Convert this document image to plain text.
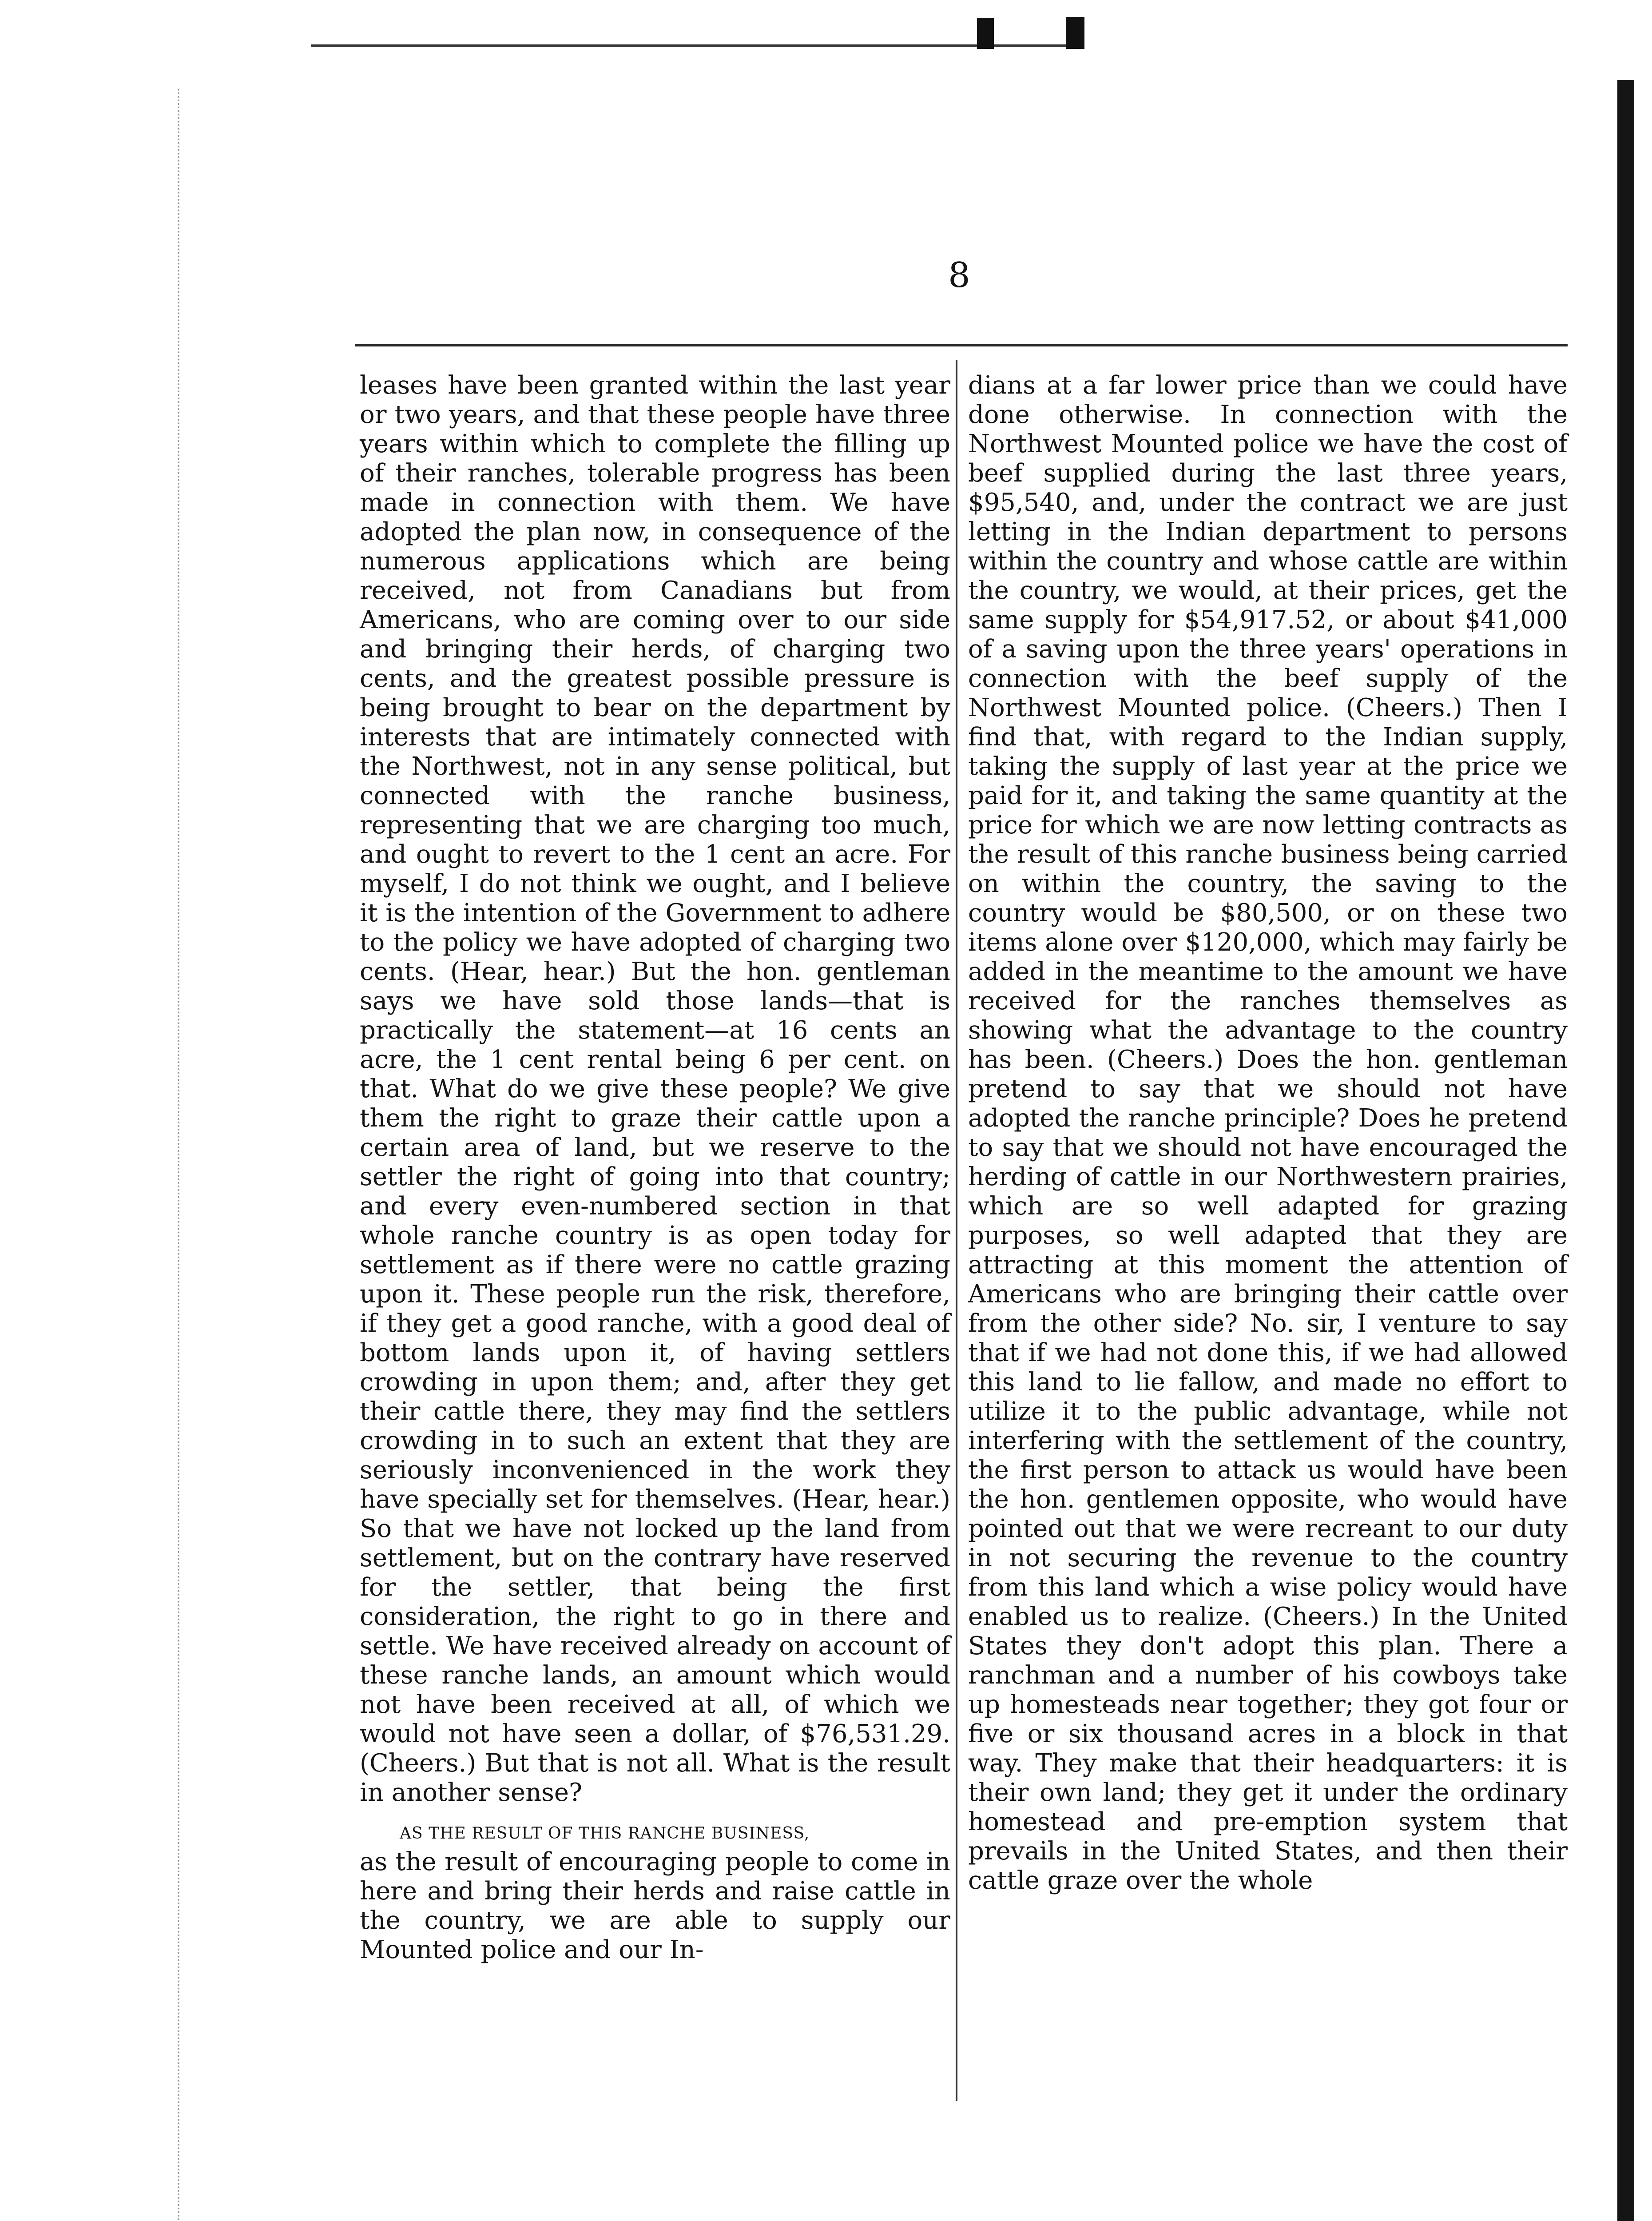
8

leases have been granted within the last year or two years, and that these people have three years within which to complete the filling up of their ranches, tolerable progress has been made in connection with them. We have adopted the plan now, in consequence of the numerous applications which are being received, not from Canadians but from Americans, who are coming over to our side and bringing their herds, of charging two cents, and the greatest possible pressure is being brought to bear on the department by interests that are intimately connected with the Northwest, not in any sense political, but connected with the ranche business, representing that we are charging too much, and ought to revert to the 1 cent an acre. For myself, I do not think we ought, and I believe it is the intention of the Government to adhere to the policy we have adopted of charging two cents. (Hear, hear.) But the hon. gentleman says we have sold those lands—that is practically the statement—at 16 cents an acre, the 1 cent rental being 6 per cent. on that. What do we give these people? We give them the right to graze their cattle upon a certain area of land, but we reserve to the settler the right of going into that country; and every even-numbered section in that whole ranche country is as open today for settlement as if there were no cattle grazing upon it. These people run the risk, therefore, if they get a good ranche, with a good deal of bottom lands upon it, of having settlers crowding in upon them; and, after they get their cattle there, they may find the settlers crowding in to such an extent that they are seriously inconvenienced in the work they have specially set for themselves. (Hear, hear.) So that we have not locked up the land from settlement, but on the contrary have reserved for the settler, that being the first consideration, the right to go in there and settle. We have received already on account of these ranche lands, an amount which would not have been received at all, of which we would not have seen a dollar, of $76,531.29. (Cheers.) But that is not all. What is the result in another sense?

AS THE RESULT OF THIS RANCHE BUSINESS,

as the result of encouraging people to come in here and bring their herds and raise cattle in the country, we are able to supply our Mounted police and our In-

dians at a far lower price than we could have done otherwise. In connection with the Northwest Mounted police we have the cost of beef supplied during the last three years, $95,540, and, under the contract we are just letting in the Indian department to persons within the country and whose cattle are within the country, we would, at their prices, get the same supply for $54,917.52, or about $41,000 of a saving upon the three years' operations in connection with the beef supply of the Northwest Mounted police. (Cheers.) Then I find that, with regard to the Indian supply, taking the supply of last year at the price we paid for it, and taking the same quantity at the price for which we are now letting contracts as the result of this ranche business being carried on within the country, the saving to the country would be $80,500, or on these two items alone over $120,000, which may fairly be added in the meantime to the amount we have received for the ranches themselves as showing what the advantage to the country has been. (Cheers.) Does the hon. gentleman pretend to say that we should not have adopted the ranche principle? Does he pretend to say that we should not have encouraged the herding of cattle in our Northwestern prairies, which are so well adapted for grazing purposes, so well adapted that they are attracting at this moment the attention of Americans who are bringing their cattle over from the other side? No. sir, I venture to say that if we had not done this, if we had allowed this land to lie fallow, and made no effort to utilize it to the public advantage, while not interfering with the settlement of the country, the first person to attack us would have been the hon. gentlemen opposite, who would have pointed out that we were recreant to our duty in not securing the revenue to the country from this land which a wise policy would have enabled us to realize. (Cheers.) In the United States they don't adopt this plan. There a ranchman and a number of his cowboys take up homesteads near together; they got four or five or six thousand acres in a block in that way. They make that their headquarters: it is their own land; they get it under the ordinary homestead and pre-emption system that prevails in the United States, and then their cattle graze over the whole
